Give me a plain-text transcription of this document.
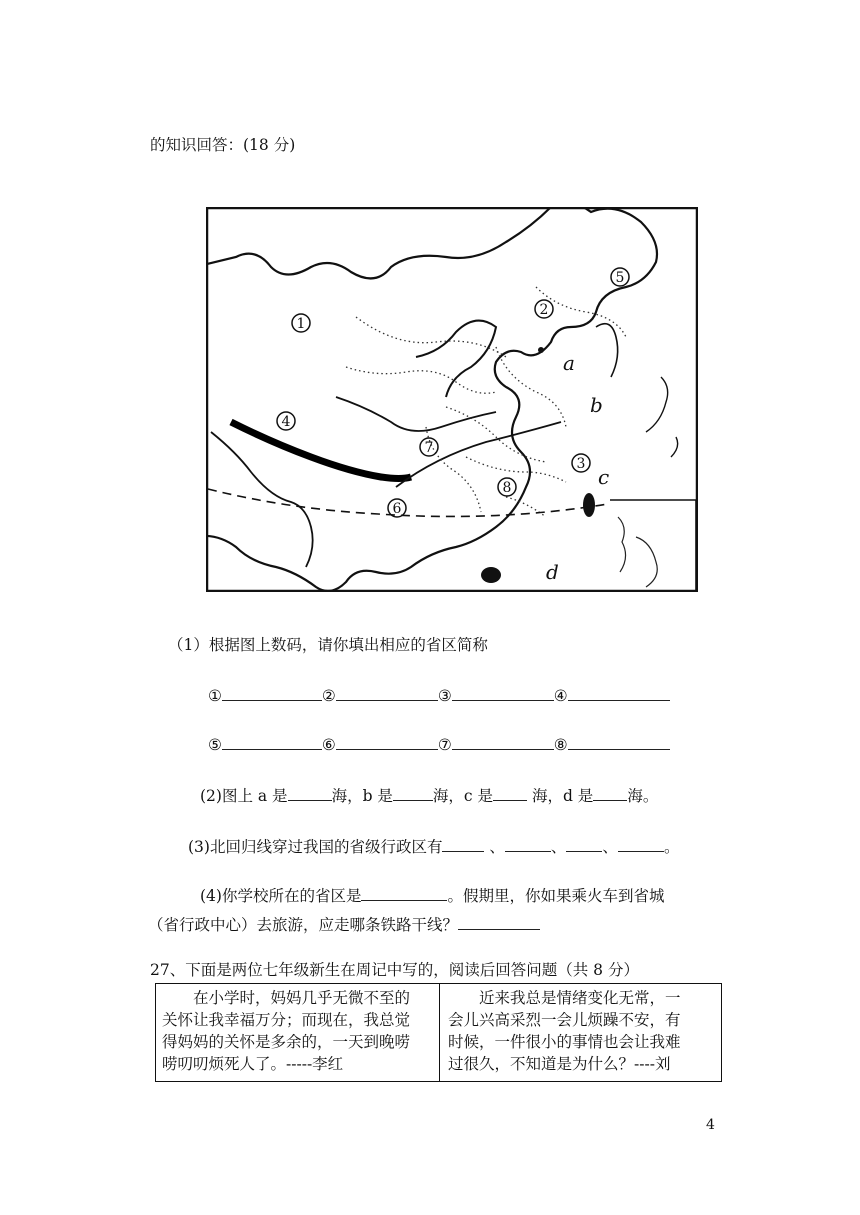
的知识回答：(18 分)
1
2
3
4
5
6
7
8
a
b
c
d
（1）根据图上数码，请你填出相应的省区简称
①	②	③	④
⑤	⑥	⑦	⑧
(2)图上 a 是	海，b 是	海，c 是 海，d 是 海。
(3)北回归线穿过我国的省级行政区有	、	、 、	。
(4)你学校所在的省区是	。假期里，你如果乘火车到省城
（省行政中心）去旅游，应走哪条铁路干线？
27、下面是两位七年级新生在周记中写的，阅读后回答问题（共 8 分）
　　在小学时，妈妈几乎无微不至的
关怀让我幸福万分；而现在，我总觉
得妈妈的关怀是多余的，一天到晚唠
唠叨叨烦死人了。-----李红
　　近来我总是情绪变化无常，一
会儿兴高采烈一会儿烦躁不安，有
时候，一件很小的事情也会让我难
过很久，不知道是为什么？----刘
4
